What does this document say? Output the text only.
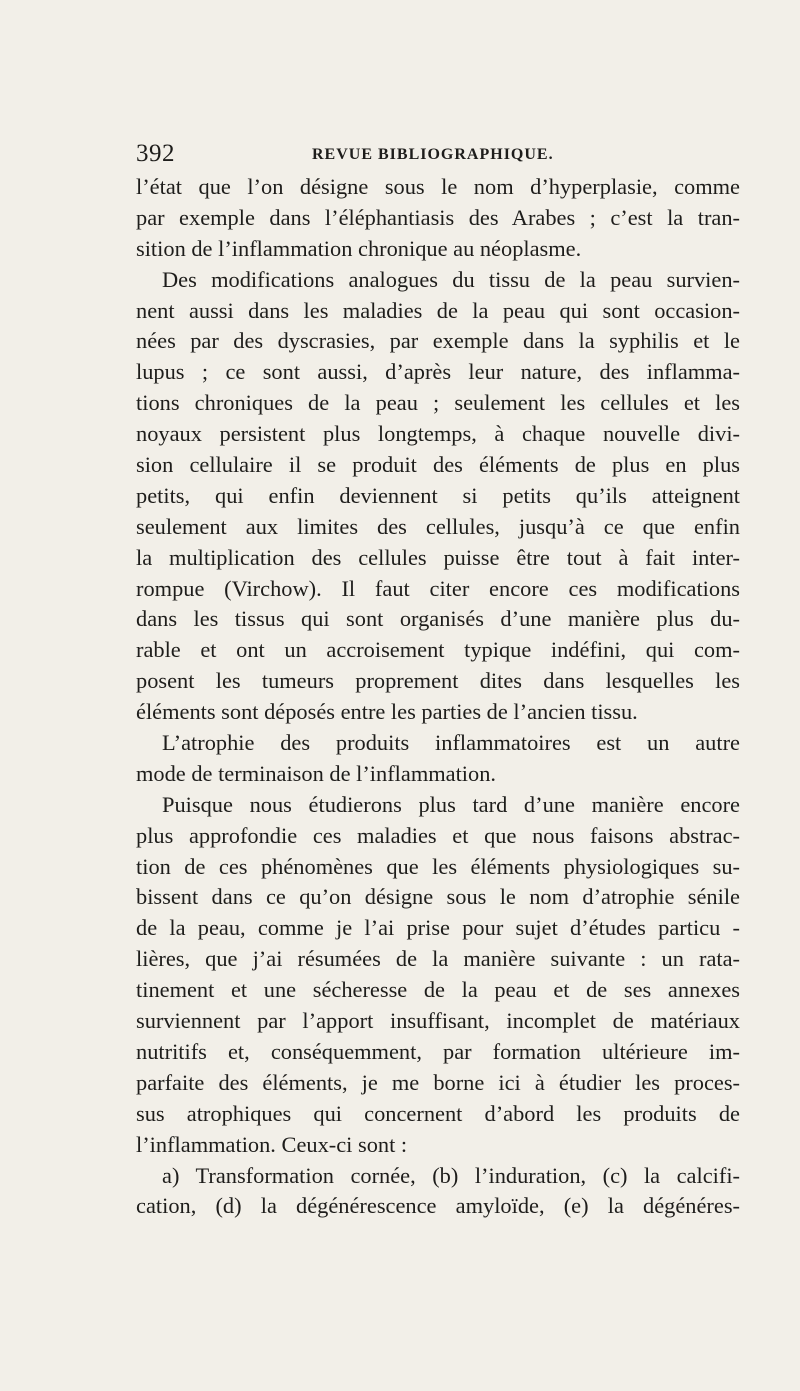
392	REVUE BIBLIOGRAPHIQUE.
l’état que l’on désigne sous le nom d’hyperplasie, comme
par exemple dans l’éléphantiasis des Arabes ; c’est la tran-
sition de l’inflammation chronique au néoplasme.
Des modifications analogues du tissu de la peau survien-
nent aussi dans les maladies de la peau qui sont occasion-
nées par des dyscrasies, par exemple dans la syphilis et le
lupus ; ce sont aussi, d’après leur nature, des inflamma-
tions chroniques de la peau ; seulement les cellules et les
noyaux persistent plus longtemps, à chaque nouvelle divi-
sion cellulaire il se produit des éléments de plus en plus
petits, qui enfin deviennent si petits qu’ils atteignent
seulement aux limites des cellules, jusqu’à ce que enfin
la multiplication des cellules puisse être tout à fait inter-
rompue (Virchow). Il faut citer encore ces modifications
dans les tissus qui sont organisés d’une manière plus du-
rable et ont un accroisement typique indéfini, qui com-
posent les tumeurs proprement dites dans lesquelles les
éléments sont déposés entre les parties de l’ancien tissu.
L’atrophie des produits inflammatoires est un autre
mode de terminaison de l’inflammation.
Puisque nous étudierons plus tard d’une manière encore
plus approfondie ces maladies et que nous faisons abstrac-
tion de ces phénomènes que les éléments physiologiques su-
bissent dans ce qu’on désigne sous le nom d’atrophie sénile
de la peau, comme je l’ai prise pour sujet d’études particu -
lières, que j’ai résumées de la manière suivante : un rata-
tinement et une sécheresse de la peau et de ses annexes
surviennent par l’apport insuffisant, incomplet de matériaux
nutritifs et, conséquemment, par formation ultérieure im-
parfaite des éléments, je me borne ici à étudier les proces-
sus atrophiques qui concernent d’abord les produits de
l’inflammation. Ceux-ci sont :
a) Transformation cornée, (b) l’induration, (c) la calcifi-
cation, (d) la dégénérescence amyloïde, (e) la dégénéres-
